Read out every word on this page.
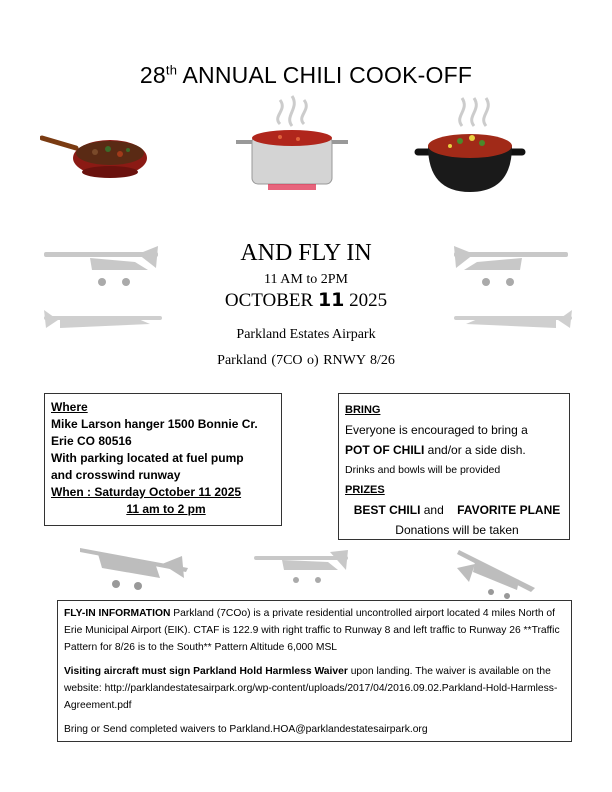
28th ANNUAL CHILI COOK-OFF
AND FLY IN
11 AM to 2PM
OCTOBER 11 2025
Parkland Estates Airpark
Parkland (7CO o) RNWY 8/26

Where

Mike Larson hanger 1500 Bonnie Cr.

Erie CO 80516

With parking located at fuel pump

and crosswind runway

When : Saturday October 11 2025

11 am to 2 pm

BRING

Everyone is encouraged to bring a

POT OF CHILI and/or a side dish.

Drinks and bowls will be provided

PRIZES

BEST CHILI and    FAVORITE PLANE

Donations will be taken

FLY-IN INFORMATION Parkland (7COo) is a private residential uncontrolled airport located 4 miles North of Erie Municipal Airport (EIK). CTAF is 122.9 with right traffic to Runway 8 and left traffic to Runway 26 **Traffic Pattern for 8/26 is to the South** Pattern Altitude 6,000 MSL

Visiting aircraft must sign Parkland Hold Harmless Waiver upon landing. The waiver is available on the website: http://parklandestatesairpark.org/wp-content/uploads/2017/04/2016.09.02.Parkland-Hold-Harmless-Agreement.pdf

Bring or Send completed waivers to Parkland.HOA@parklandestatesairpark.org
